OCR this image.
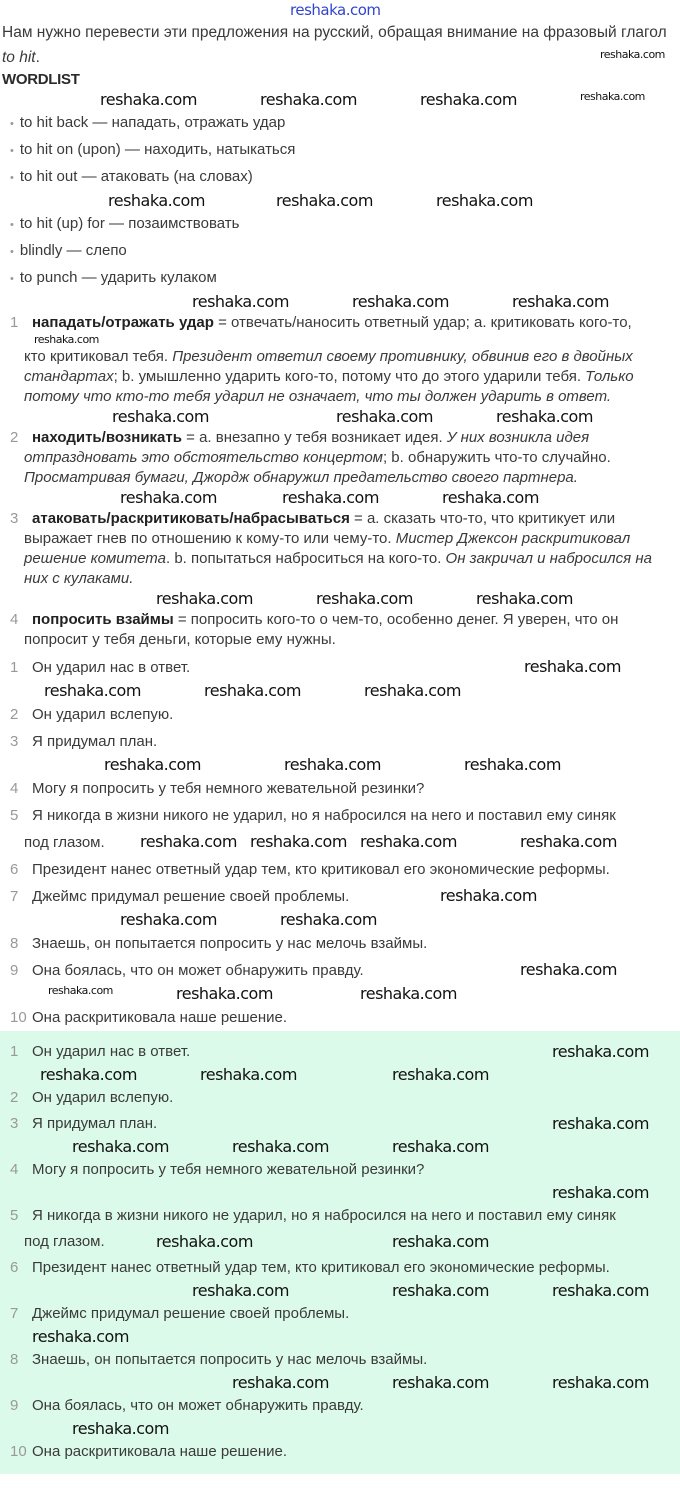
reshaka.com
Нам нужно перевести эти предложения на русский, обращая внимание на фразовый глагол to hit.	reshaka.com
WORDLIST
reshaka.com	reshaka.com	reshaka.com	reshaka.com
• to hit back — нападать, отражать удар
• to hit on (upon) — находить, натыкаться
• to hit out — атаковать (на словах)
reshaka.com	reshaka.com	reshaka.com
• to hit (up) for — позаимствовать
• blindly — слепо
• to punch — ударить кулаком
reshaka.com	reshaka.com	reshaka.com
1 нападать/отражать удар = отвечать/наносить ответный удар; a. критиковать кого-то,
reshaka.com
кто критиковал тебя. Президент ответил своему противнику, обвинив его в двойных стандартах; b. умышленно ударить кого-то, потому что до этого ударили тебя. Только потому что кто-то тебя ударил не означает, что ты должен ударить в ответ.
reshaka.com	reshaka.com	reshaka.com
2 находить/возникать = a. внезапно у тебя возникает идея. У них возникла идея
отпраздновать это обстоятельство концертом; b. обнаружить что-то случайно. Просматривая бумаги, Джордж обнаружил предательство своего партнера.
reshaka.com	reshaka.com	reshaka.com
3 атаковать/раскритиковать/набрасываться = a. сказать что-то, что критикует или
выражает гнев по отношению к кому-то или чему-то. Мистер Джексон раскритиковал решение комитета. b. попытаться наброситься на кого-то. Он закричал и набросился на них с кулаками.
reshaka.com	reshaka.com	reshaka.com
4 попросить взаймы = попросить кого-то о чем-то, особенно денег. Я уверен, что он
попросит у тебя деньги, которые ему нужны.
1 Он ударил нас в ответ.	reshaka.com
reshaka.com	reshaka.com	reshaka.com
2 Он ударил вслепую.
3 Я придумал план.
reshaka.com	reshaka.com	reshaka.com
4 Могу я попросить у тебя немного жевательной резинки?
5 Я никогда в жизни никого не ударил, но я набросился на него и поставил ему синяк
под глазом. reshaka.com reshaka.com reshaka.com	reshaka.com
6 Президент нанес ответный удар тем, кто критиковал его экономические реформы.
7 Джеймс придумал решение своей проблемы.	reshaka.com
reshaka.com	reshaka.com
8 Знаешь, он попытается попросить у нас мелочь взаймы.
9 Она боялась, что он может обнаружить правду.	reshaka.com
reshaka.com	reshaka.com	reshaka.com
10 Она раскритиковала наше решение.
1 Он ударил нас в ответ.	reshaka.com
reshaka.com	reshaka.com	reshaka.com
2 Он ударил вслепую.
3 Я придумал план.	reshaka.com
reshaka.com	reshaka.com	reshaka.com
4 Могу я попросить у тебя немного жевательной резинки?
reshaka.com
5 Я никогда в жизни никого не ударил, но я набросился на него и поставил ему синяк
под глазом.	reshaka.com	reshaka.com
6 Президент нанес ответный удар тем, кто критиковал его экономические реформы.
reshaka.com	reshaka.com	reshaka.com
7 Джеймс придумал решение своей проблемы.
reshaka.com
8 Знаешь, он попытается попросить у нас мелочь взаймы.
reshaka.com	reshaka.com	reshaka.com
9 Она боялась, что он может обнаружить правду.
reshaka.com
10 Она раскритиковала наше решение.
